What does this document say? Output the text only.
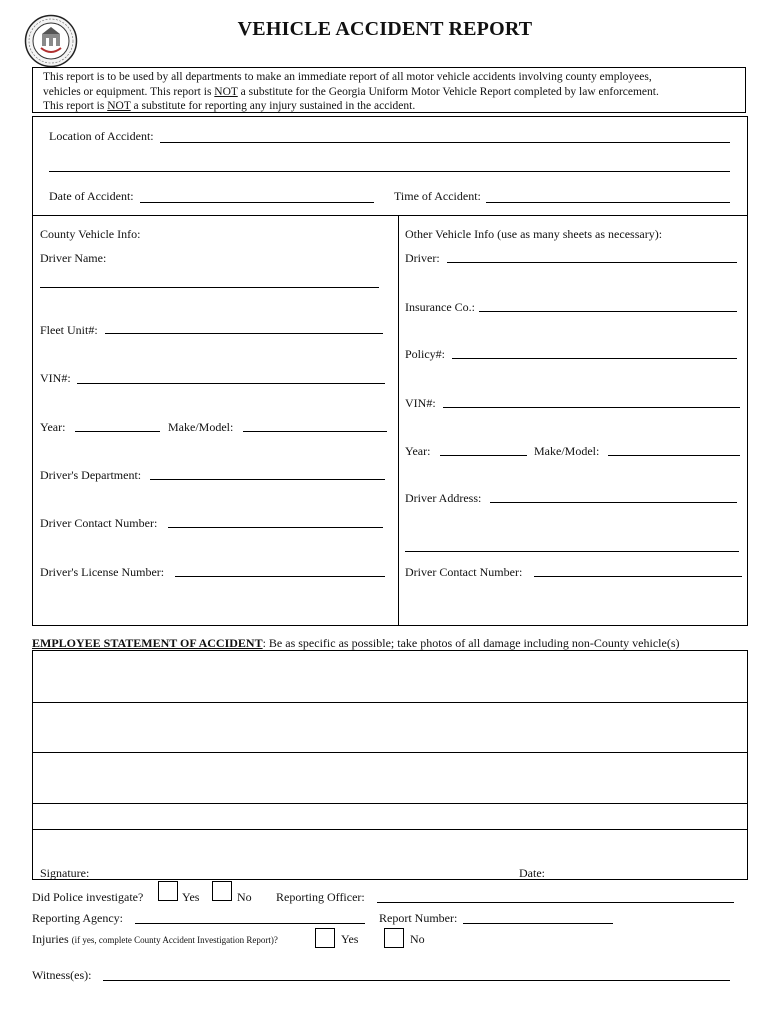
VEHICLE ACCIDENT REPORT
This report is to be used by all departments to make an immediate report of all motor vehicle accidents involving county employees,
vehicles or equipment. This report is NOT a substitute for the Georgia Uniform Motor Vehicle Report completed by law enforcement.
This report is NOT a substitute for reporting any injury sustained in the accident.
Location of Accident:
Date of Accident:	Time of Accident:
County Vehicle Info:
Driver Name:
Fleet Unit#:
VIN#:
Year:	Make/Model:
Driver's Department:
Driver Contact Number:
Driver's License Number:
Other Vehicle Info (use as many sheets as necessary):
Driver:
Insurance Co.:
Policy#:
VIN#:
Year:	Make/Model:
Driver Address:
Driver Contact Number:
EMPLOYEE STATEMENT OF ACCIDENT: Be as specific as possible; take photos of all damage including non-County vehicle(s)
Signature:	Date:
Did Police investigate?	Yes	No Reporting Officer:
Reporting Agency:	Report Number:
Injuries (if yes, complete County Accident Investigation Report)?	Yes	No
Witness(es):
